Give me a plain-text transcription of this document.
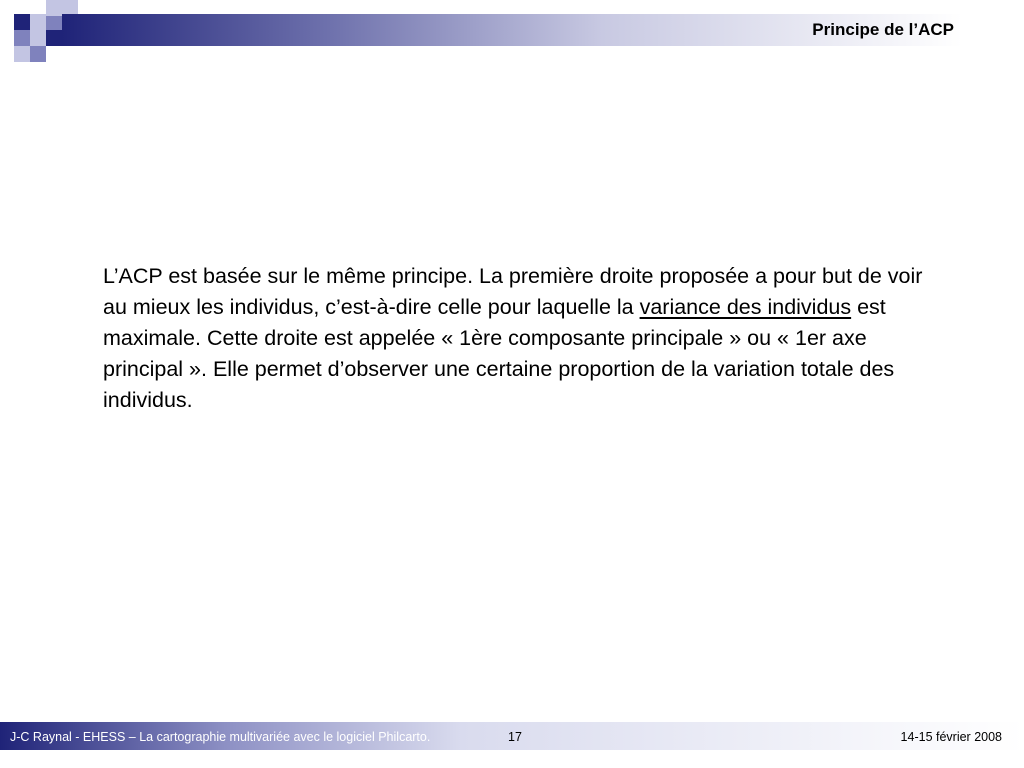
Principe de l’ACP
L’ACP est basée sur le même principe. La première droite proposée a pour but de voir au mieux les individus, c’est-à-dire celle pour laquelle la variance des individus est maximale. Cette droite est appelée « 1ère composante principale » ou « 1er axe principal ». Elle permet d’observer une certaine proportion de la variation totale des individus.
J-C Raynal - EHESS – La cartographie multivariée avec le logiciel Philcarto.	17	14-15 février 2008
